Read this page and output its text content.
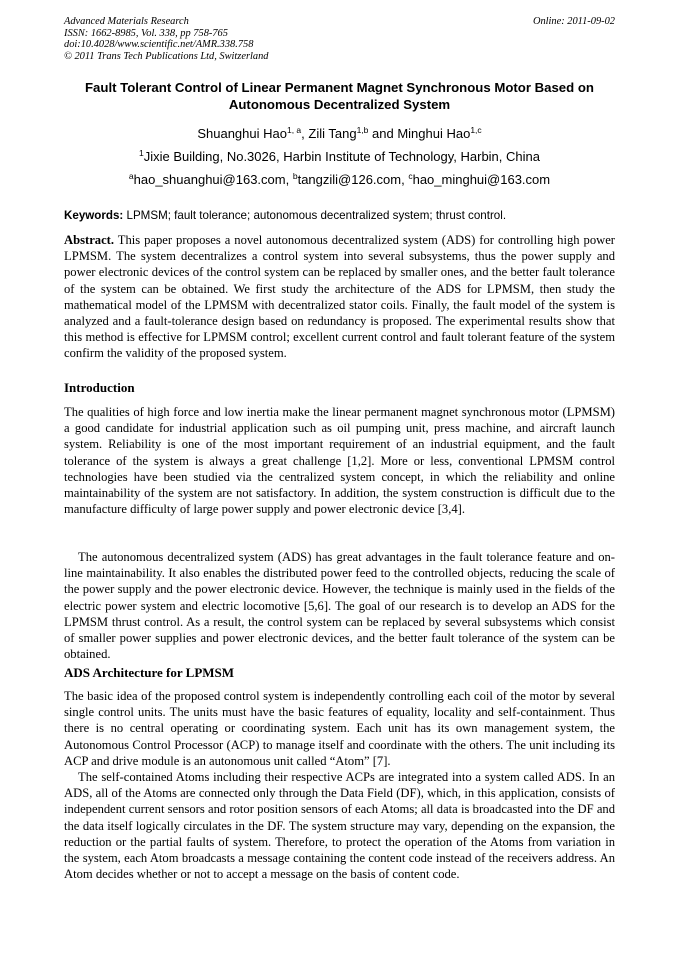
Advanced Materials Research
ISSN: 1662-8985, Vol. 338, pp 758-765
doi:10.4028/www.scientific.net/AMR.338.758
© 2011 Trans Tech Publications Ltd, Switzerland
Online: 2011-09-02
Fault Tolerant Control of Linear Permanent Magnet Synchronous Motor Based on Autonomous Decentralized System
Shuanghui Hao$^{1, a}$, Zili Tang$^{1,b}$ and Minghui Hao$^{1,c}$
$^1$Jixie Building, No.3026, Harbin Institute of Technology, Harbin, China
$^a$hao_shuanghui@163.com, $^b$tangzili@126.com, $^c$hao_minghui@163.com
Keywords: LPMSM; fault tolerance; autonomous decentralized system; thrust control.
Abstract. This paper proposes a novel autonomous decentralized system (ADS) for controlling high power LPMSM. The system decentralizes a control system into several subsystems, thus the power supply and power electronic devices of the control system can be replaced by smaller ones, and the better fault tolerance of the system can be obtained. We first study the architecture of the ADS for LPMSM, then study the mathematical model of the LPMSM with decentralized stator coils. Finally, the fault model of the system is analyzed and a fault-tolerance design based on redundancy is proposed. The experimental results show that this method is effective for LPMSM control; excellent current control and fault tolerant feature of the system confirm the validity of the proposed system.
Introduction
The qualities of high force and low inertia make the linear permanent magnet synchronous motor (LPMSM) a good candidate for industrial application such as oil pumping unit, press machine, and aircraft launch system. Reliability is one of the most important requirement of an industrial equipment, and the fault tolerance of the system is always a great challenge [1,2]. More or less, conventional LPMSM control technologies have been studied via the centralized system concept, in which the reliability and online maintainability of the system are not satisfactory. In addition, the system construction is difficult due to the manufacture difficulty of large power supply and power electronic device [3,4].
The autonomous decentralized system (ADS) has great advantages in the fault tolerance feature and on-line maintainability. It also enables the distributed power feed to the controlled objects, reducing the scale of the power supply and the power electronic device. However, the technique is mainly used in the fields of the electric power system and electric locomotive [5,6]. The goal of our research is to develop an ADS for the LPMSM thrust control. As a result, the control system can be replaced by several subsystems which consist of smaller power supplies and power electronic devices, and the better fault tolerance of the system can be obtained.
ADS Architecture for LPMSM
The basic idea of the proposed control system is independently controlling each coil of the motor by several single control units. The units must have the basic features of equality, locality and self-containment. Thus there is no central operating or coordinating system. Each unit has its own management system, the Autonomous Control Processor (ACP) to manage itself and coordinate with the others. The unit including its ACP and drive module is an autonomous unit called “Atom” [7].
The self-contained Atoms including their respective ACPs are integrated into a system called ADS. In an ADS, all of the Atoms are connected only through the Data Field (DF), which, in this application, consists of independent current sensors and rotor position sensors of each Atoms; all data is broadcasted into the DF and the data itself logically circulates in the DF. The system structure may vary, depending on the expansion, the reduction or the partial faults of system. Therefore, to protect the operation of the Atoms from variation in the system, each Atom broadcasts a message containing the content code instead of the receivers address. An Atom decides whether or not to accept a message on the basis of content code.
